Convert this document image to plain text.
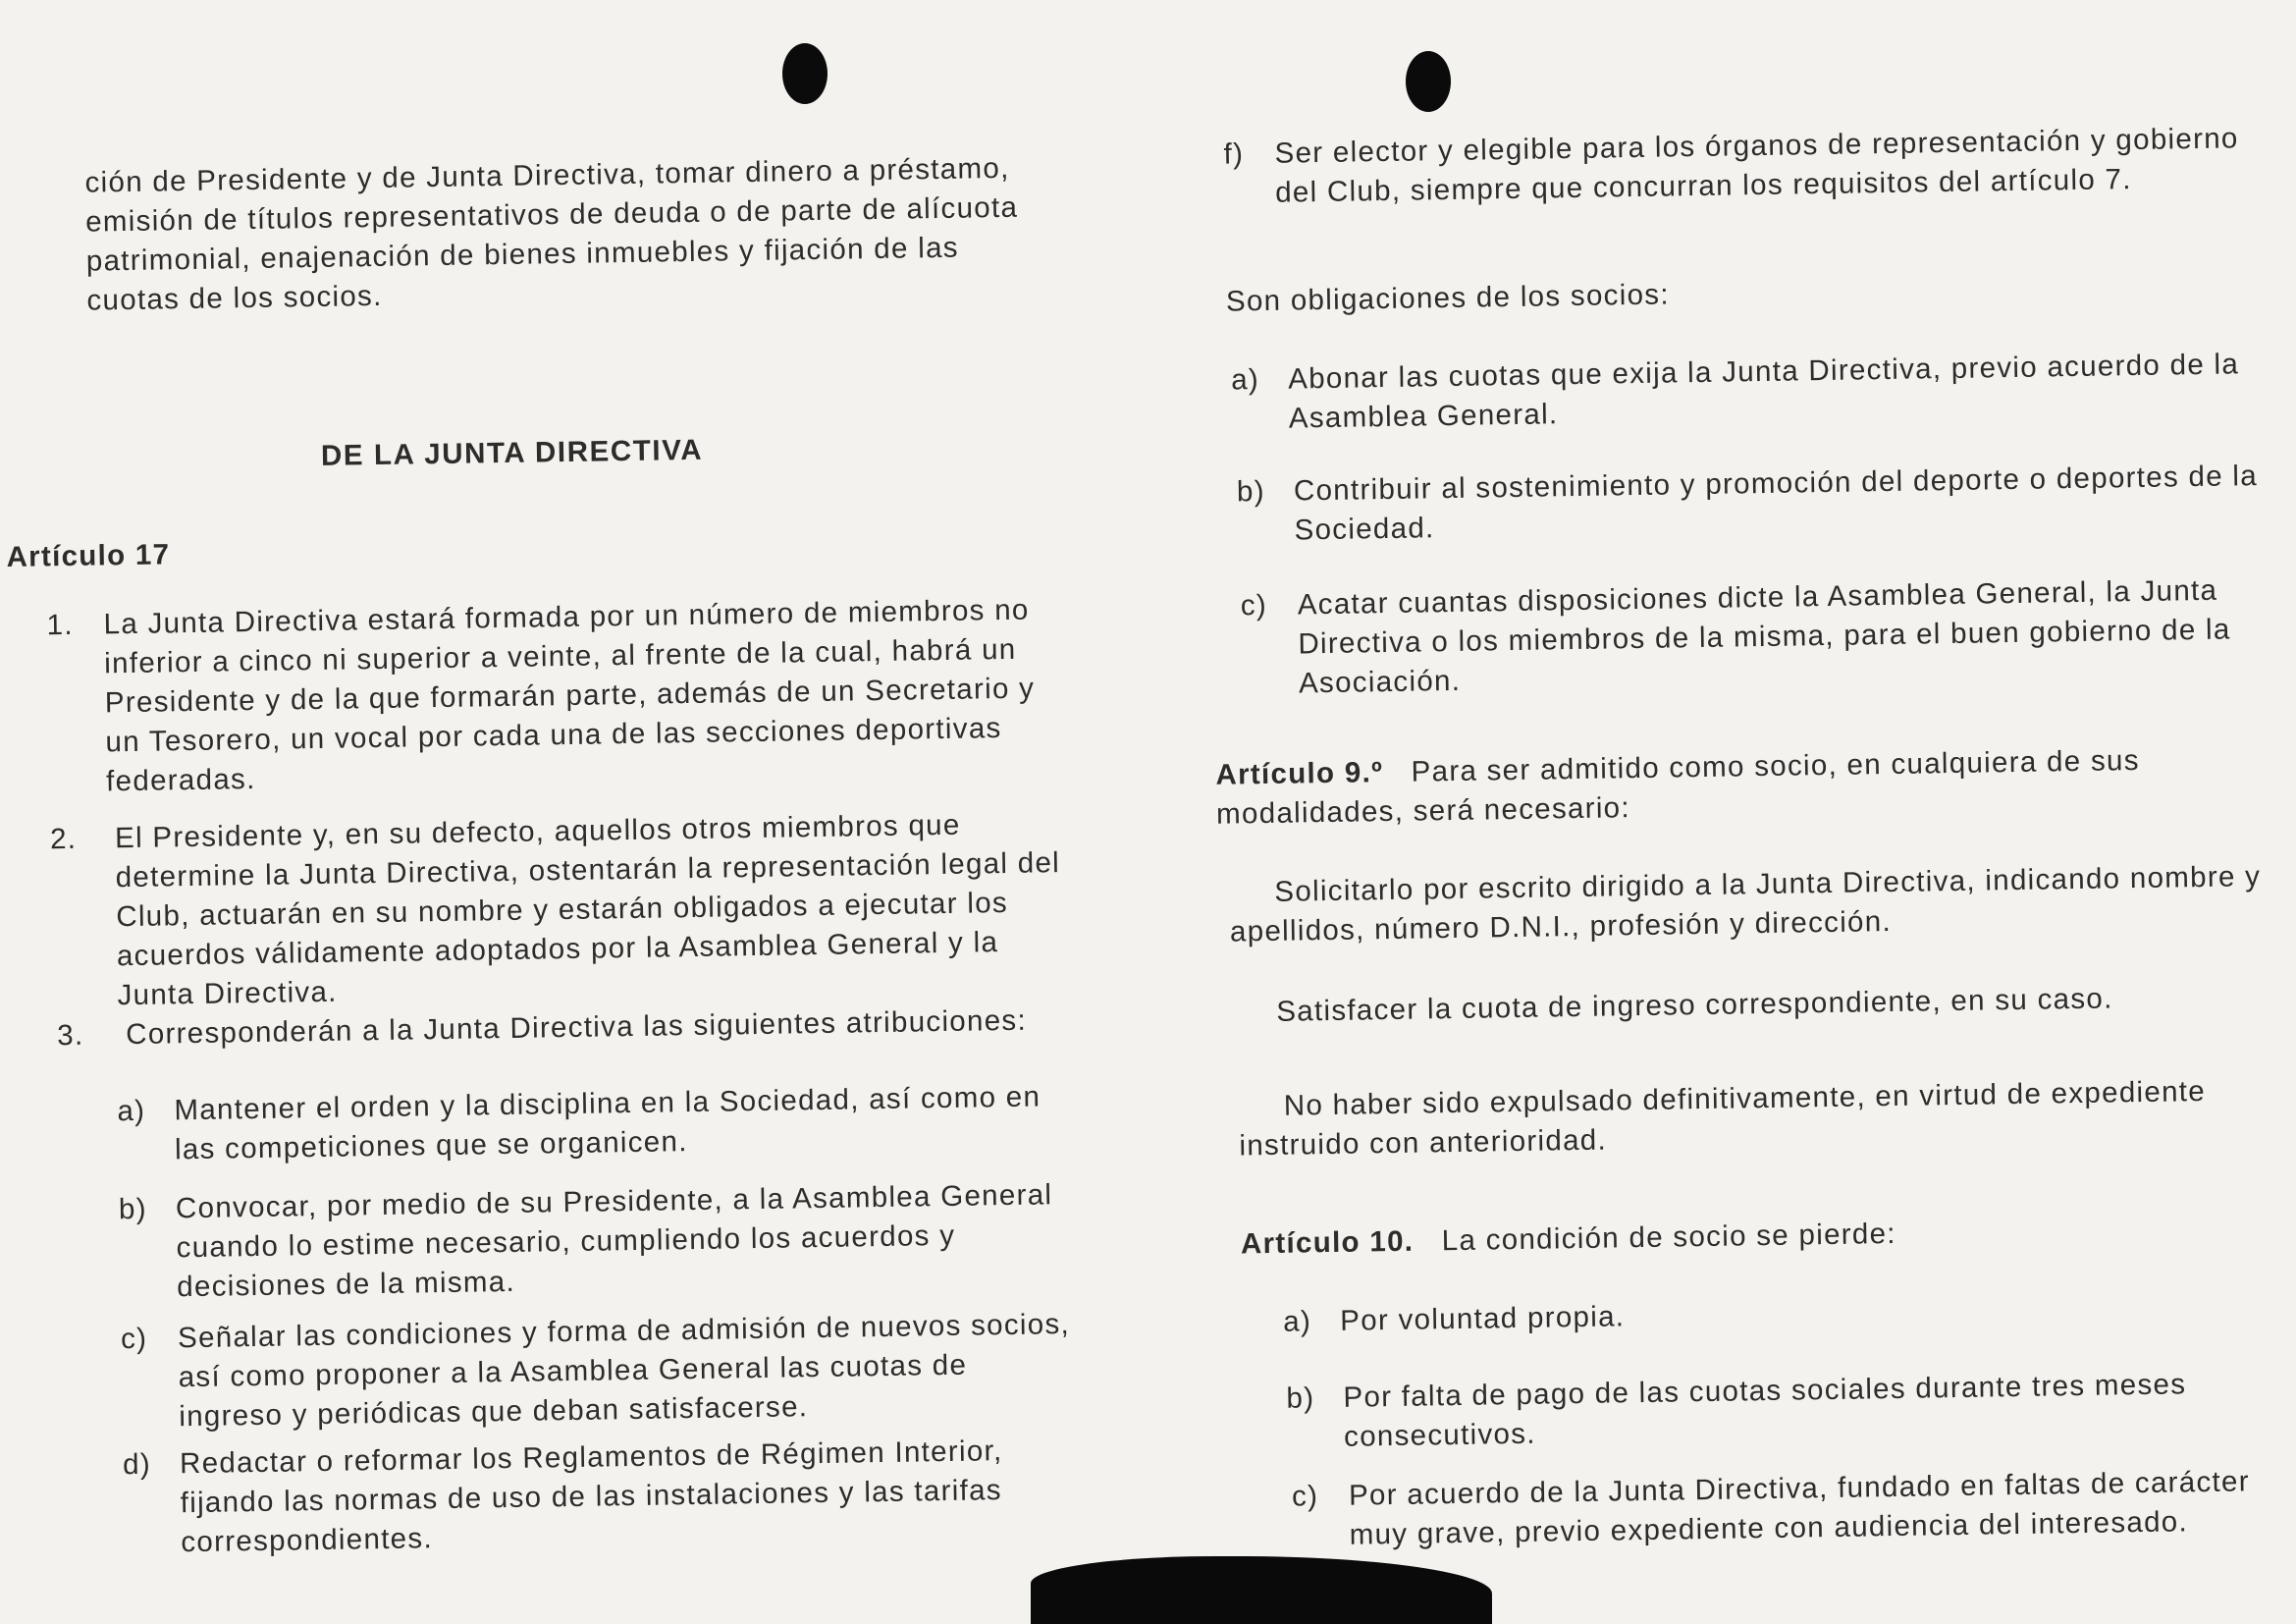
ción de Presidente y de Junta Directiva, tomar dinero a préstamo, emisión de títulos representativos de deuda o de parte de alícuota patrimonial, enajenación de bienes inmuebles y fijación de las cuotas de los socios.

DE LA JUNTA DIRECTIVA
Artículo 17
1.	La Junta Directiva estará formada por un número de miembros no inferior a cinco ni superior a veinte, al frente de la cual, habrá un Presidente y de la que formarán parte, además de un Secretario y un Tesorero, un vocal por cada una de las secciones deportivas federadas.
2.	El Presidente y, en su defecto, aquellos otros miembros que determine la Junta Directiva, ostentarán la representación legal del Club, actuarán en su nombre y estarán obligados a ejecutar los acuerdos válidamente adoptados por la Asamblea General y la Junta Directiva.
3.	Corresponderán a la Junta Directiva las siguientes atribuciones:
a) Mantener el orden y la disciplina en la Sociedad, así como en las competiciones que se organicen.
b) Convocar, por medio de su Presidente, a la Asamblea General cuando lo estime necesario, cumpliendo los acuerdos y decisiones de la misma.
c)	Señalar las condiciones y forma de admisión de nuevos socios, así como proponer a la Asamblea General las cuotas de ingreso y periódicas que deban satisfacerse.
d) Redactar o reformar los Reglamentos de Régimen Interior, fijando las normas de uso de las instalaciones y las tarifas correspondientes.
f)	Ser elector y elegible para los órganos de representación y gobierno del Club, siempre que concurran los requisitos del artículo 7.
Son obligaciones de los socios:
a) Abonar las cuotas que exija la Junta Directiva, previo acuerdo de la Asamblea General.
b) Contribuir al sostenimiento y promoción del deporte o deportes de la Sociedad.
c)	Acatar cuantas disposiciones dicte la Asamblea General, la Junta Directiva o los miembros de la misma, para el buen gobierno de la Asociación.

Artículo 9.º Para ser admitido como socio, en cualquiera de sus modalidades, será necesario:

Solicitarlo por escrito dirigido a la Junta Directiva, indicando nombre y apellidos, número D.N.I., profesión y dirección.

Satisfacer la cuota de ingreso correspondiente, en su caso.

No haber sido expulsado definitivamente, en virtud de expediente instruido con anterioridad.

Artículo 10. La condición de socio se pierde:

a) Por voluntad propia.
b) Por falta de pago de las cuotas sociales durante tres meses consecutivos.
c)	Por acuerdo de la Junta Directiva, fundado en faltas de carácter muy grave, previo expediente con audiencia del interesado.
